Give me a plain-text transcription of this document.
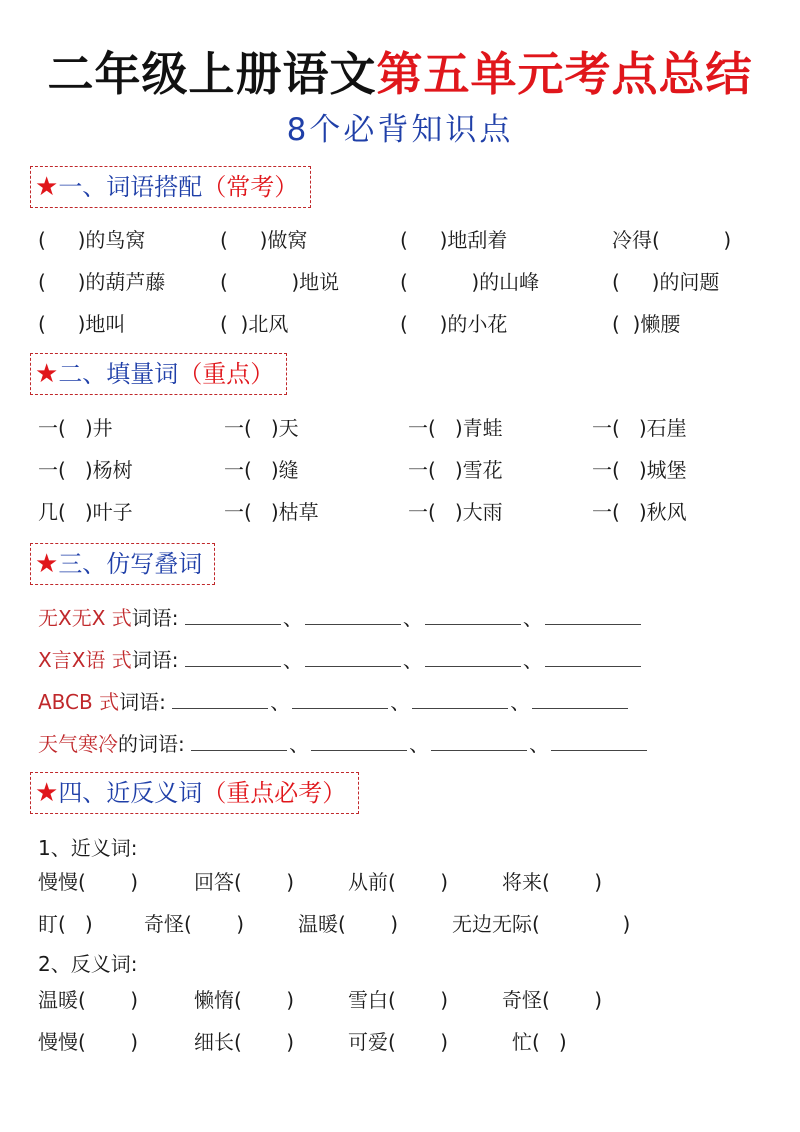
二年级上册语文第五单元考点总结
8个必背知识点
★一、词语搭配（常考）
(     )的鸟窝	(     )做窝	(     )地刮着	冷得(          )
(     )的葫芦藤	(          )地说	(          )的山峰	(     )的问题
(     )地叫	(  )北风	(     )的小花	(  )懒腰
★二、填量词（重点）
一(   )井	一(   )天	一(   )青蛙	一(   )石崖
一(   )杨树	一(   )缝	一(   )雪花	一(   )城堡
几(   )叶子	一(   )枯草	一(   )大雨	一(   )秋风
★三、仿写叠词
无X无X 式词语:	、	、	、
X言X语 式词语:	、	、	、
ABCB 式词语:	、	、	、
天气寒冷的词语:	、	、	、
★四、近反义词（重点必考）
1、近义词:
慢慢(       )	回答(       )	从前(       )	将来(       )
盯(   )	奇怪(       )	温暖(       )	无边无际(             )
2、反义词:
温暖(       )	懒惰(       )	雪白(       )	奇怪(       )
慢慢(       )	细长(       )	可爱(       )	忙(   )
